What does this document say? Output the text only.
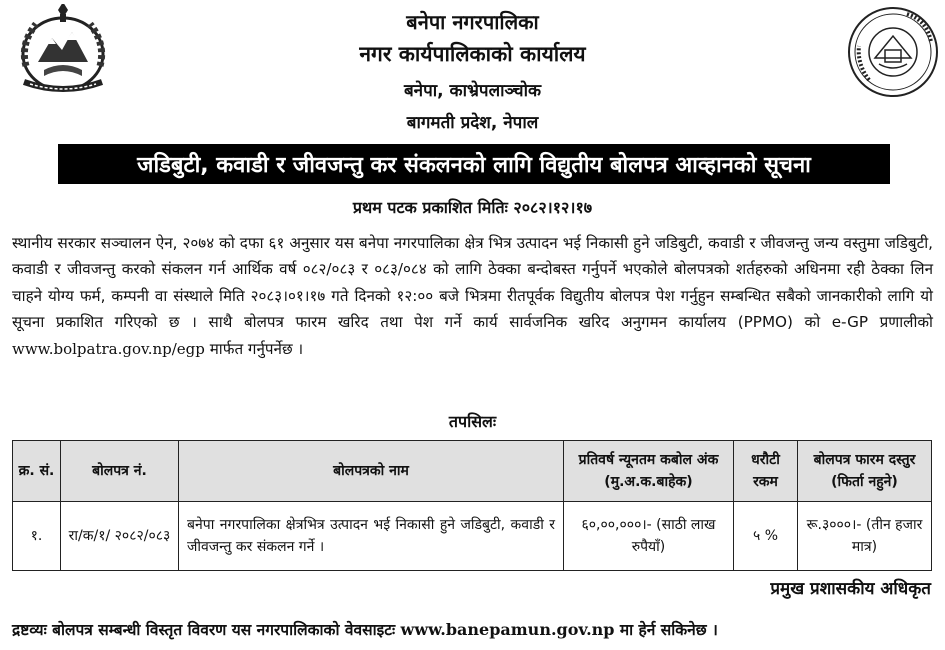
बनेपा नगरपालिका
नगर कार्यपालिकाको कार्यालय
बनेपा, काभ्रेपलाञ्चोक
बागमती प्रदेश, नेपाल
जडिबुटी, कवाडी र जीवजन्तु कर संकलनको लागि विद्युतीय बोलपत्र आव्हानको सूचना
प्रथम पटक प्रकाशित मितिः २०८२।१२।१७

स्थानीय सरकार सञ्चालन ऐन, २०७४ को दफा ६१ अनुसार यस बनेपा नगरपालिका क्षेत्र भित्र उत्पादन भई निकासी हुने जडिबुटी, कवाडी र जीवजन्तु जन्य वस्तुमा जडिबुटी, कवाडी र जीवजन्तु करको संकलन गर्न आर्थिक वर्ष ०८२/०८३ र ०८३/०८४ को लागि ठेक्का बन्दोबस्त गर्नुपर्ने भएकोले बोलपत्रको शर्तहरुको अधिनमा रही ठेक्का लिन चाहने योग्य फर्म, कम्पनी वा संस्थाले मिति २०८३।०१।१७ गते दिनको १२:०० बजे भित्रमा रीतपूर्वक विद्युतीय बोलपत्र पेश गर्नुहुन सम्बन्धित सबैको जानकारीको लागि यो सूचना प्रकाशित गरिएको छ । साथै बोलपत्र फारम खरिद तथा पेश गर्ने कार्य सार्वजनिक खरिद अनुगमन कार्यालय (PPMO) को e-GP प्रणालीको www.bolpatra.gov.np/egp मार्फत गर्नुपर्नेछ ।

तपसिलः
क्र. सं.	बोलपत्र नं.	बोलपत्रको नाम	प्रतिवर्ष न्यूनतम कबोल अंक (मु.अ.क.बाहेक)	धरौटी रकम	बोलपत्र फारम दस्तुर (फिर्ता नहुने)
१.	रा/क/१/ २०८२/०८३	बनेपा नगरपालिका क्षेत्रभित्र उत्पादन भई निकासी हुने जडिबुटी, कवाडी र जीवजन्तु कर संकलन गर्ने ।	६०,००,०००।- (साठी लाख रुपैयाँ)	५ %	रू.३०००।- (तीन हजार मात्र)
प्रमुख प्रशासकीय अधिकृत
द्रष्टव्यः बोलपत्र सम्बन्धी विस्तृत विवरण यस नगरपालिकाको वेवसाइटः www.banepamun.gov.np मा हेर्न सकिनेछ ।
